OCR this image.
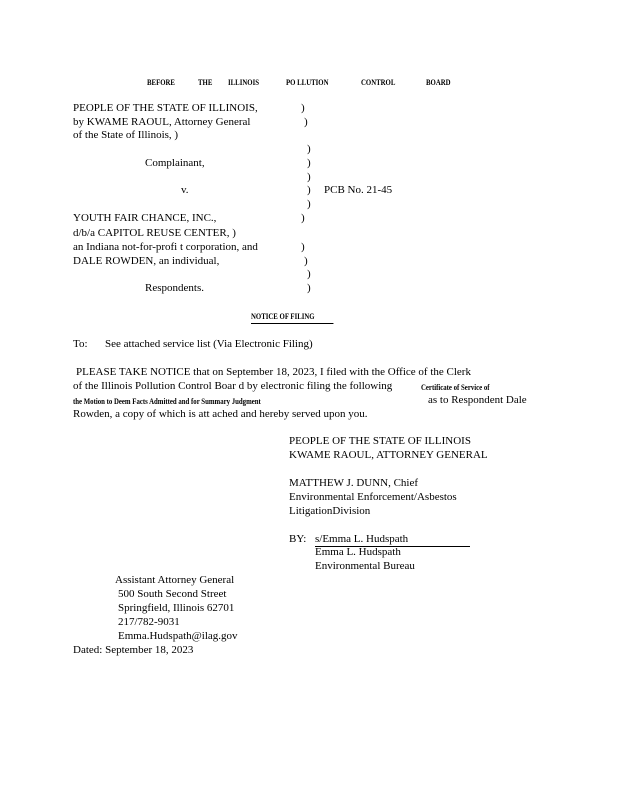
BEFORE	THE ILLINOIS	PO LLUTION	CONTROL	BOARD
PEOPLE OF THE STATE OF ILLINOIS,
by KWAME RAOUL, Attorney General
of the State of Illinois, )
)
)
)
Complainant,	)
)
v.	) PCB No. 21-45
)
YOUTH FAIR CHANCE, INC.,	)
d/b/a CAPITOL REUSE CENTER, )
an Indiana not-for-profi t corporation, and	)
DALE ROWDEN, an individual,	)
)
Respondents.	)
NOTICE OF FILING
To: See attached service list (Via Electronic Filing)
PLEASE TAKE NOTICE that on September 18, 2023, I filed with the Office of the Clerk
of the Illinois Pollution Control Boar d by electronic filing the following	Certificate of Service of
the Motion to Deem Facts Admitted and for Summary Judgment	as to Respondent Dale
Rowden, a copy of which is att ached and hereby served upon you.
PEOPLE OF THE STATE OF ILLINOIS
KWAME RAOUL, ATTORNEY GENERAL
MATTHEW J. DUNN, Chief
Environmental Enforcement/Asbestos
LitigationDivision
BY: s/Emma L. Hudspath
Emma L. Hudspath
Environmental Bureau
Assistant Attorney General
500 South Second Street
Springfield, Illinois 62701
217/782-9031
Emma.Hudspath@ilag.gov
Dated: September 18, 2023
